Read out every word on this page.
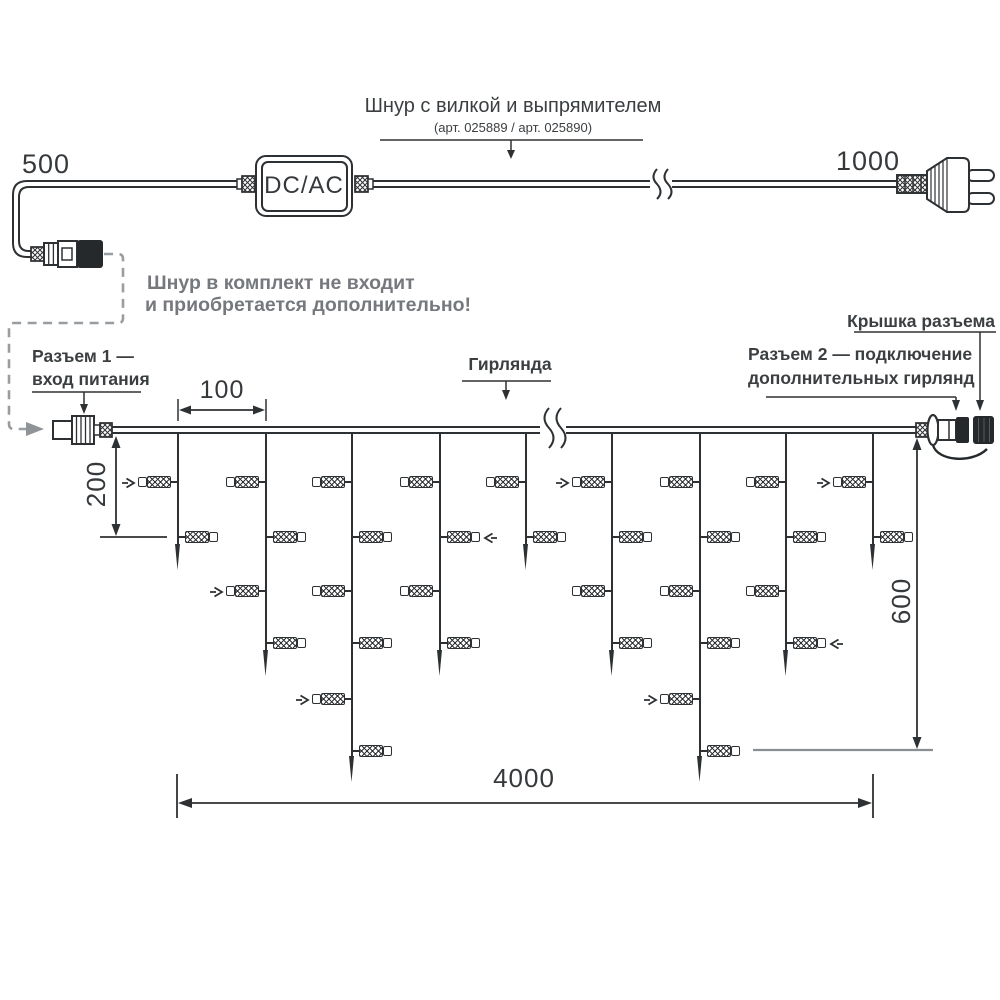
DC/AC
500	1000
Шнур с вилкой и выпрямителем
(арт. 025889 / арт. 025890)
Шнур в комплект не входит
и приобретается дополнительно!
Разъем 1 —
вход питания	100
Гирлянда
Крышка разъема
Разъем 2 — подключение
дополнительных гирлянд
200
600
4000
